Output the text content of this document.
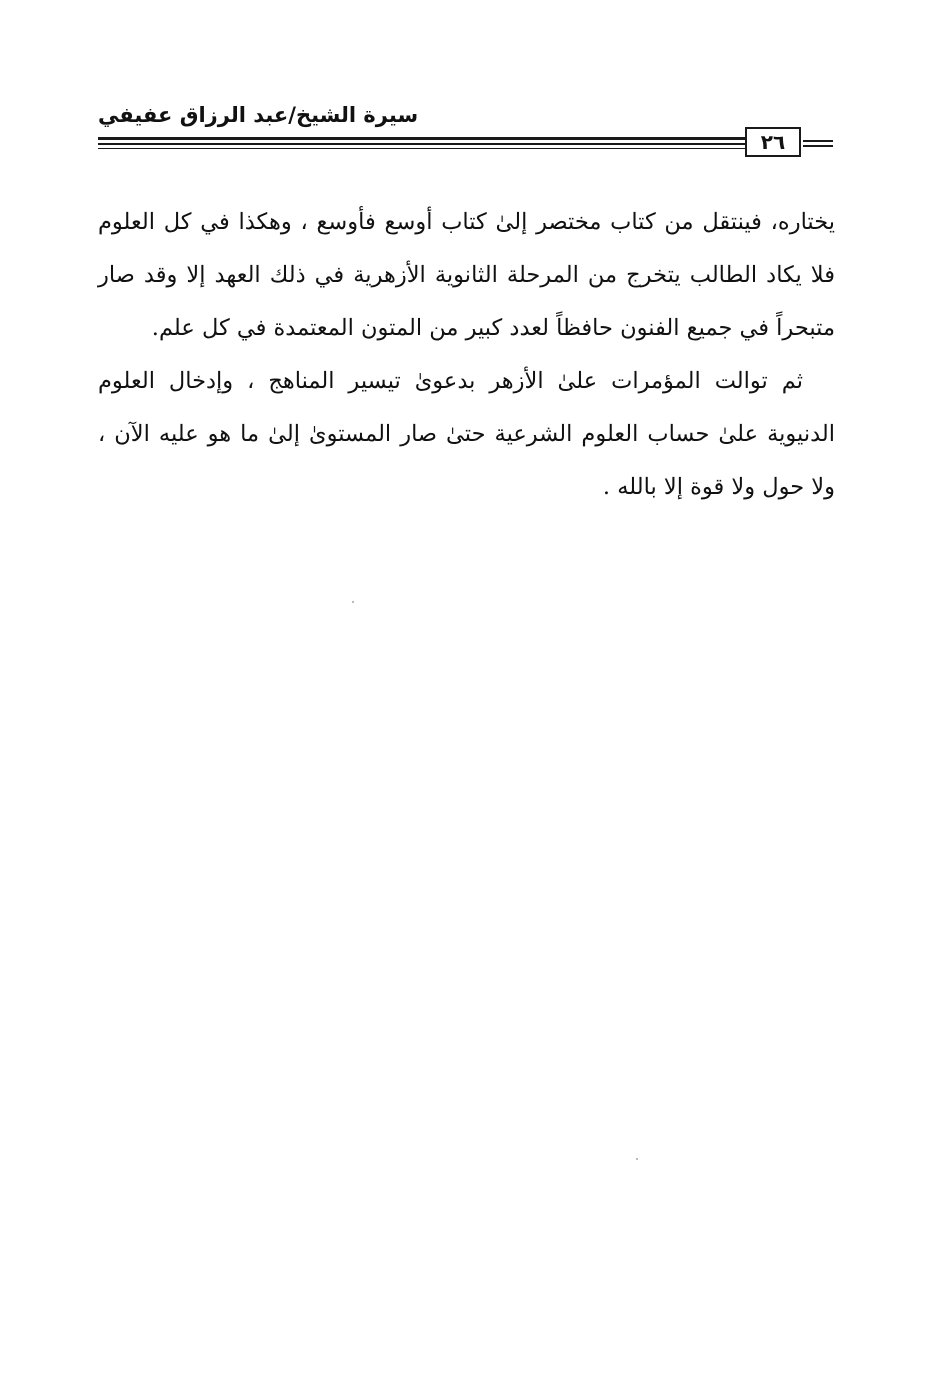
سيرة الشيخ/عبد الرزاق عفيفي
٢٦

يختاره، فينتقل من كتاب مختصر إلىٰ كتاب أوسع فأوسع ، وهكذا في كل العلوم فلا يكاد الطالب يتخرج من المرحلة الثانوية الأزهرية في ذلك العهد إلا وقد صار متبحراً في جميع الفنون حافظاً لعدد كبير من المتون المعتمدة في كل علم.

ثم توالت المؤمرات علىٰ الأزهر بدعوىٰ تيسير المناهج ، وإدخال العلوم الدنيوية علىٰ حساب العلوم الشرعية حتىٰ صار المستوىٰ إلىٰ ما هو عليه الآن ، ولا حول ولا قوة إلا بالله .
